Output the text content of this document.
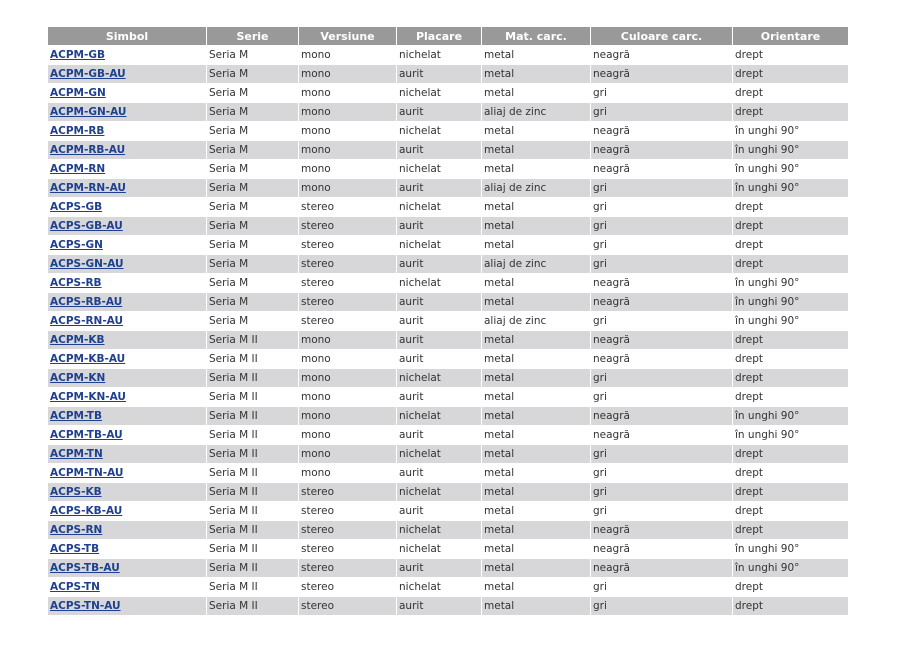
Simbol	Serie	Versiune	Placare	Mat. carc.	Culoare carc.	Orientare
ACPM-GB	Seria M	mono	nichelat	metal	neagră	drept
ACPM-GB-AU	Seria M	mono	aurit	metal	neagră	drept
ACPM-GN	Seria M	mono	nichelat	metal	gri	drept
ACPM-GN-AU	Seria M	mono	aurit	aliaj de zinc	gri	drept
ACPM-RB	Seria M	mono	nichelat	metal	neagră	în unghi 90°
ACPM-RB-AU	Seria M	mono	aurit	metal	neagră	în unghi 90°
ACPM-RN	Seria M	mono	nichelat	metal	neagră	în unghi 90°
ACPM-RN-AU	Seria M	mono	aurit	aliaj de zinc	gri	în unghi 90°
ACPS-GB	Seria M	stereo	nichelat	metal	gri	drept
ACPS-GB-AU	Seria M	stereo	aurit	metal	gri	drept
ACPS-GN	Seria M	stereo	nichelat	metal	gri	drept
ACPS-GN-AU	Seria M	stereo	aurit	aliaj de zinc	gri	drept
ACPS-RB	Seria M	stereo	nichelat	metal	neagră	în unghi 90°
ACPS-RB-AU	Seria M	stereo	aurit	metal	neagră	în unghi 90°
ACPS-RN-AU	Seria M	stereo	aurit	aliaj de zinc	gri	în unghi 90°
ACPM-KB	Seria M II	mono	aurit	metal	neagră	drept
ACPM-KB-AU	Seria M II	mono	aurit	metal	neagră	drept
ACPM-KN	Seria M II	mono	nichelat	metal	gri	drept
ACPM-KN-AU	Seria M II	mono	aurit	metal	gri	drept
ACPM-TB	Seria M II	mono	nichelat	metal	neagră	în unghi 90°
ACPM-TB-AU	Seria M II	mono	aurit	metal	neagră	în unghi 90°
ACPM-TN	Seria M II	mono	nichelat	metal	gri	drept
ACPM-TN-AU	Seria M II	mono	aurit	metal	gri	drept
ACPS-KB	Seria M II	stereo	nichelat	metal	gri	drept
ACPS-KB-AU	Seria M II	stereo	aurit	metal	gri	drept
ACPS-RN	Seria M II	stereo	nichelat	metal	neagră	drept
ACPS-TB	Seria M II	stereo	nichelat	metal	neagră	în unghi 90°
ACPS-TB-AU	Seria M II	stereo	aurit	metal	neagră	în unghi 90°
ACPS-TN	Seria M II	stereo	nichelat	metal	gri	drept
ACPS-TN-AU	Seria M II	stereo	aurit	metal	gri	drept
